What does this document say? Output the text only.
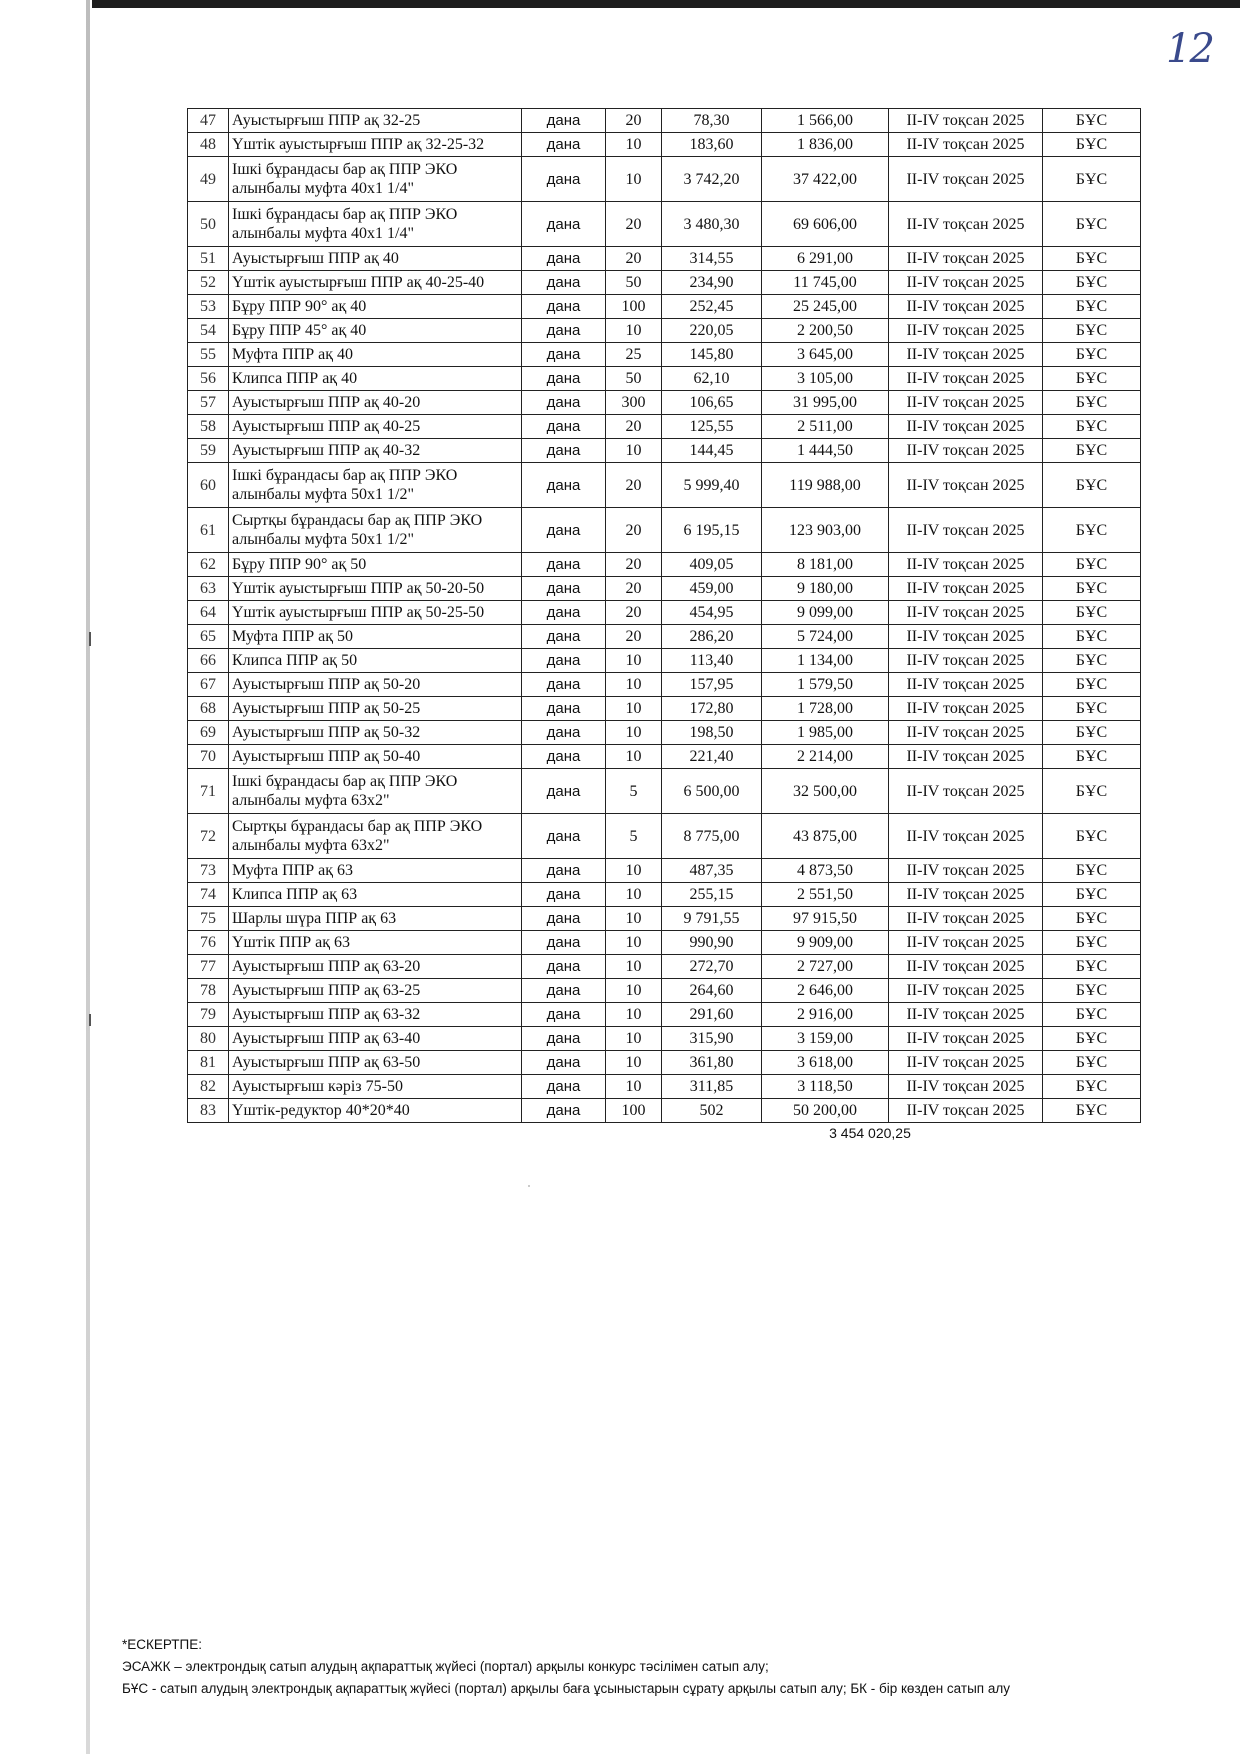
12
47	Ауыстырғыш ППР ақ 32-25	дана	20	78,30	1 566,00	II-IV тоқсан 2025	БҰС
48	Үштік ауыстырғыш ППР ақ 32-25-32	дана	10	183,60	1 836,00	II-IV тоқсан 2025	БҰС
49	Ішкі бұрандасы бар ақ ППР ЭКО алынбалы муфта 40х1 1/4"	дана	10	3 742,20	37 422,00	II-IV тоқсан 2025	БҰС
50	Ішкі бұрандасы бар ақ ППР ЭКО алынбалы муфта 40х1 1/4"	дана	20	3 480,30	69 606,00	II-IV тоқсан 2025	БҰС
51	Ауыстырғыш ППР ақ 40	дана	20	314,55	6 291,00	II-IV тоқсан 2025	БҰС
52	Үштік ауыстырғыш ППР ақ 40-25-40	дана	50	234,90	11 745,00	II-IV тоқсан 2025	БҰС
53	Бұру ППР 90° ақ 40	дана	100	252,45	25 245,00	II-IV тоқсан 2025	БҰС
54	Бұру ППР 45° ақ 40	дана	10	220,05	2 200,50	II-IV тоқсан 2025	БҰС
55	Муфта ППР ақ 40	дана	25	145,80	3 645,00	II-IV тоқсан 2025	БҰС
56	Клипса ППР ақ 40	дана	50	62,10	3 105,00	II-IV тоқсан 2025	БҰС
57	Ауыстырғыш ППР ақ 40-20	дана	300	106,65	31 995,00	II-IV тоқсан 2025	БҰС
58	Ауыстырғыш ППР ақ 40-25	дана	20	125,55	2 511,00	II-IV тоқсан 2025	БҰС
59	Ауыстырғыш ППР ақ 40-32	дана	10	144,45	1 444,50	II-IV тоқсан 2025	БҰС
60	Ішкі бұрандасы бар ақ ППР ЭКО алынбалы муфта 50х1 1/2"	дана	20	5 999,40	119 988,00	II-IV тоқсан 2025	БҰС
61	Сыртқы бұрандасы бар ақ ППР ЭКО алынбалы муфта 50х1 1/2"	дана	20	6 195,15	123 903,00	II-IV тоқсан 2025	БҰС
62	Бұру ППР 90° ақ 50	дана	20	409,05	8 181,00	II-IV тоқсан 2025	БҰС
63	Үштік ауыстырғыш ППР ақ 50-20-50	дана	20	459,00	9 180,00	II-IV тоқсан 2025	БҰС
64	Үштік ауыстырғыш ППР ақ 50-25-50	дана	20	454,95	9 099,00	II-IV тоқсан 2025	БҰС
65	Муфта ППР ақ 50	дана	20	286,20	5 724,00	II-IV тоқсан 2025	БҰС
66	Клипса ППР ақ 50	дана	10	113,40	1 134,00	II-IV тоқсан 2025	БҰС
67	Ауыстырғыш ППР ақ 50-20	дана	10	157,95	1 579,50	II-IV тоқсан 2025	БҰС
68	Ауыстырғыш ППР ақ 50-25	дана	10	172,80	1 728,00	II-IV тоқсан 2025	БҰС
69	Ауыстырғыш ППР ақ 50-32	дана	10	198,50	1 985,00	II-IV тоқсан 2025	БҰС
70	Ауыстырғыш ППР ақ 50-40	дана	10	221,40	2 214,00	II-IV тоқсан 2025	БҰС
71	Ішкі бұрандасы бар ақ ППР ЭКО алынбалы муфта 63х2"	дана	5	6 500,00	32 500,00	II-IV тоқсан 2025	БҰС
72	Сыртқы бұрандасы бар ақ ППР ЭКО алынбалы муфта 63х2"	дана	5	8 775,00	43 875,00	II-IV тоқсан 2025	БҰС
73	Муфта ППР ақ 63	дана	10	487,35	4 873,50	II-IV тоқсан 2025	БҰС
74	Клипса ППР ақ 63	дана	10	255,15	2 551,50	II-IV тоқсан 2025	БҰС
75	Шарлы шүра ППР ақ 63	дана	10	9 791,55	97 915,50	II-IV тоқсан 2025	БҰС
76	Үштік ППР ақ 63	дана	10	990,90	9 909,00	II-IV тоқсан 2025	БҰС
77	Ауыстырғыш ППР ақ 63-20	дана	10	272,70	2 727,00	II-IV тоқсан 2025	БҰС
78	Ауыстырғыш ППР ақ 63-25	дана	10	264,60	2 646,00	II-IV тоқсан 2025	БҰС
79	Ауыстырғыш ППР ақ 63-32	дана	10	291,60	2 916,00	II-IV тоқсан 2025	БҰС
80	Ауыстырғыш ППР ақ 63-40	дана	10	315,90	3 159,00	II-IV тоқсан 2025	БҰС
81	Ауыстырғыш ППР ақ 63-50	дана	10	361,80	3 618,00	II-IV тоқсан 2025	БҰС
82	Ауыстырғыш кәріз 75-50	дана	10	311,85	3 118,50	II-IV тоқсан 2025	БҰС
83	Үштік-редуктор 40*20*40	дана	100	502	50 200,00	II-IV тоқсан 2025	БҰС
3 454 020,25
*ЕСКЕРТПЕ:
ЭСАЖК – электрондық сатып алудың ақпараттық жүйесі (портал) арқылы конкурс тәсілімен сатып алу;
БҰС - сатып алудың электрондық ақпараттық жүйесі (портал) арқылы баға ұсыныстарын сұрату арқылы сатып алу; БК - бір көзден сатып алу
